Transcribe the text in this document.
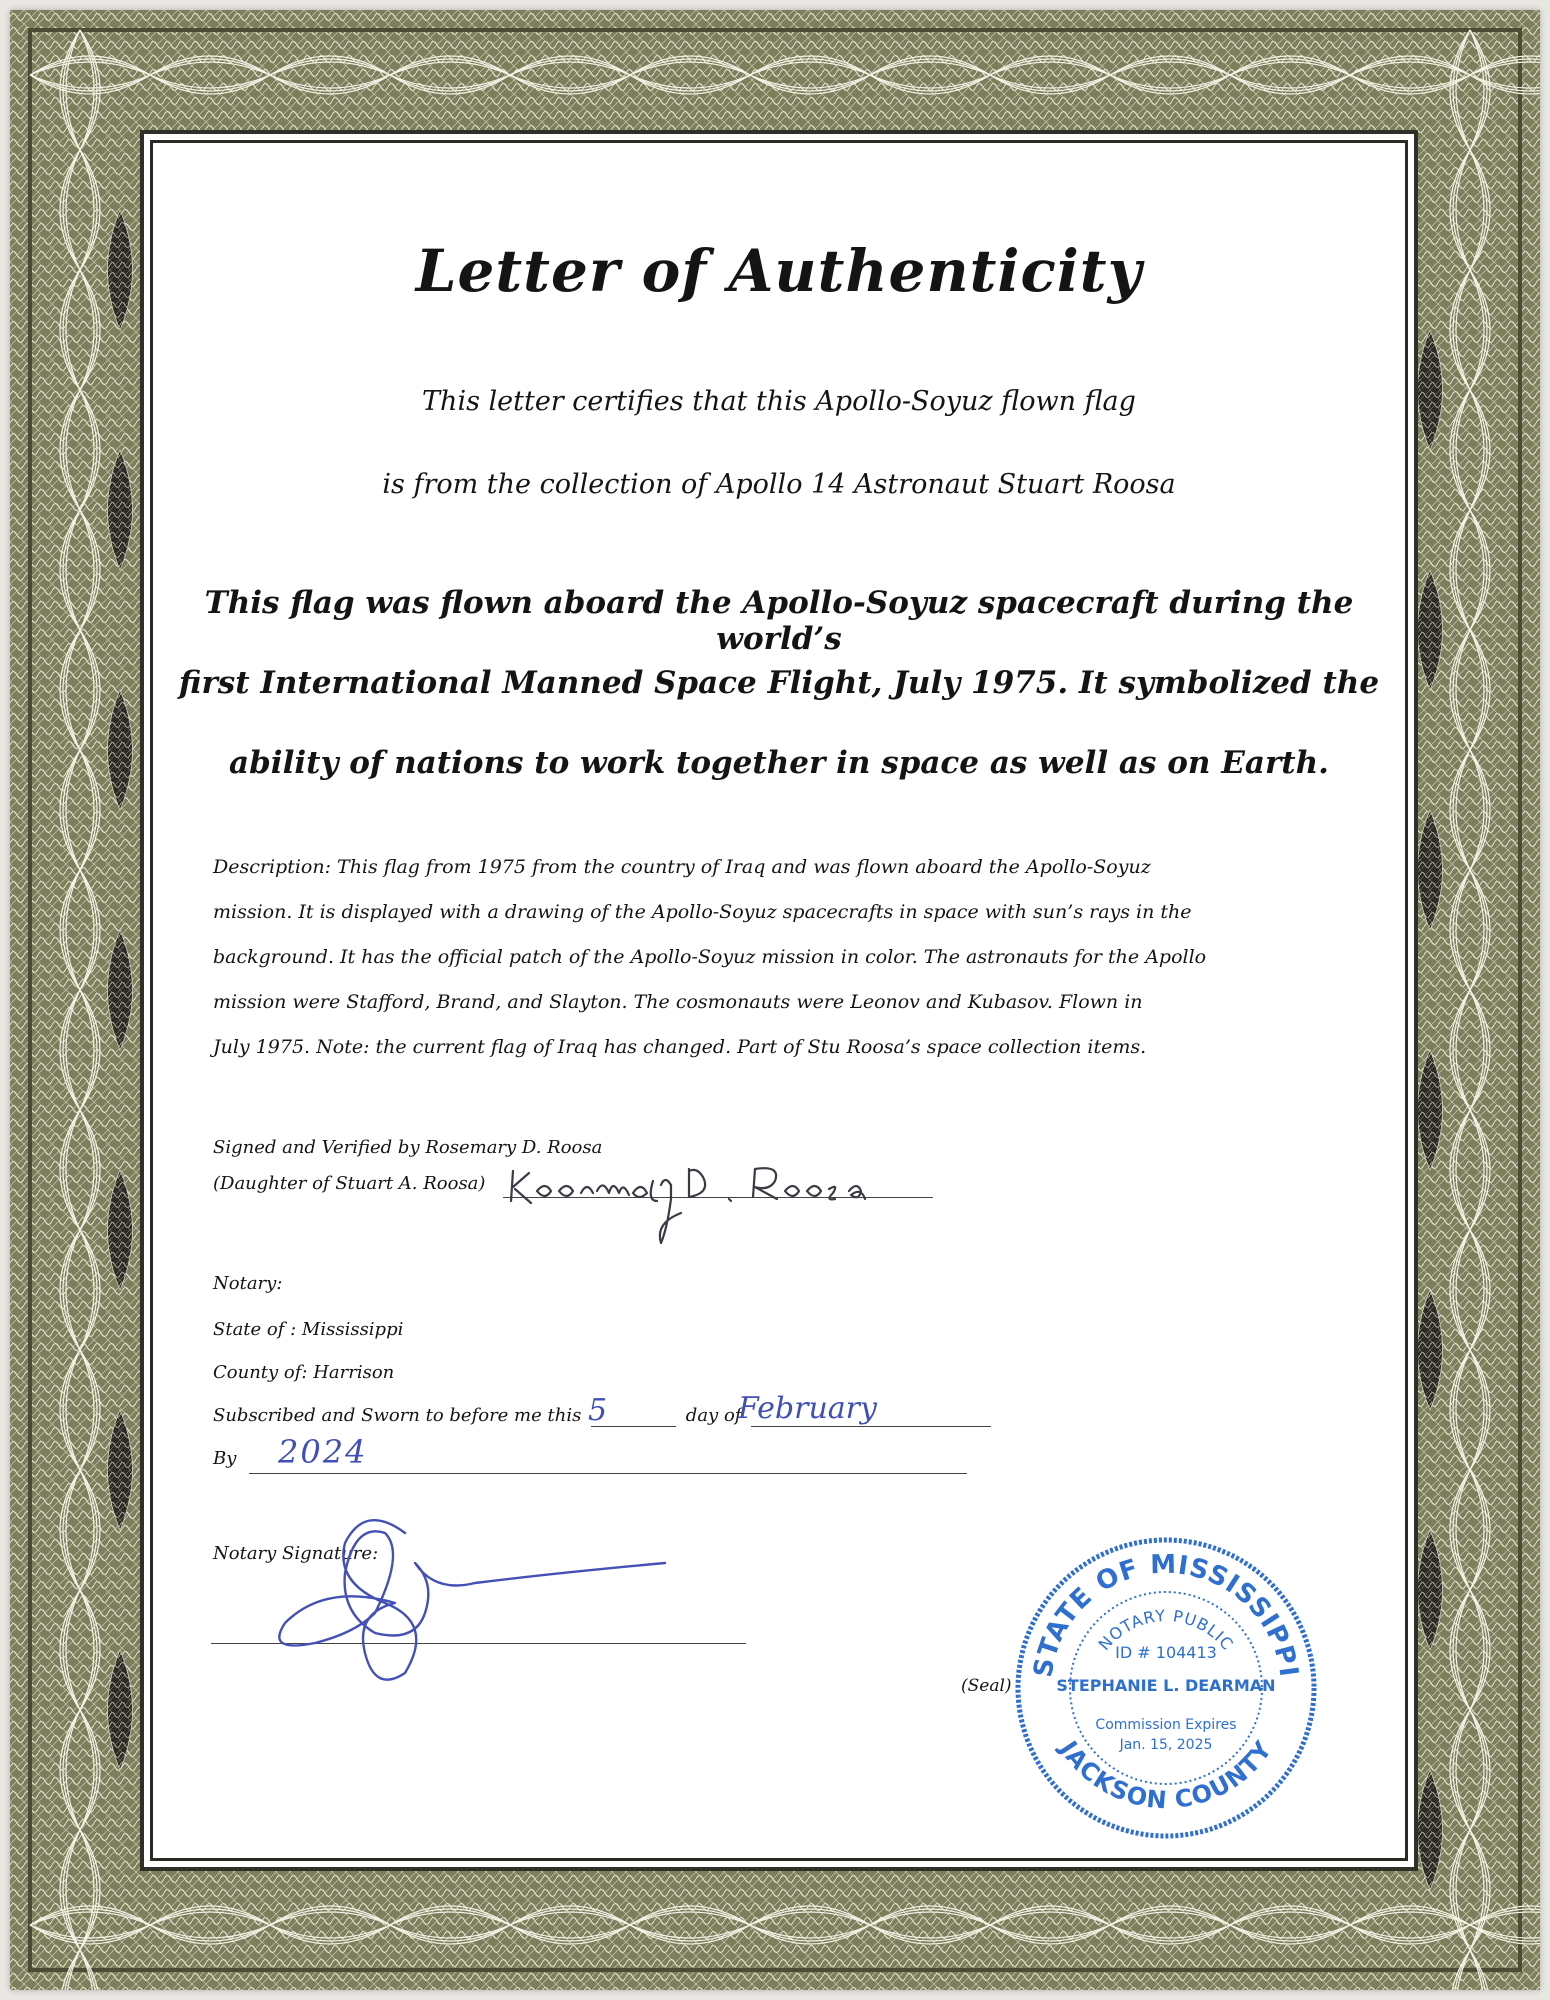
Letter of Authenticity
This letter certifies that this Apollo-Soyuz flown flag
is from the collection of Apollo 14 Astronaut Stuart Roosa
This flag was flown aboard the Apollo-Soyuz spacecraft during the world’s
first International Manned Space Flight, July 1975. It symbolized the
ability of nations to work together in space as well as on Earth.
Description: This flag from 1975 from the country of Iraq and was flown aboard the Apollo-Soyuz
mission. It is displayed with a drawing of the Apollo-Soyuz spacecrafts in space with sun’s rays in the
background. It has the official patch of the Apollo-Soyuz mission in color. The astronauts for the Apollo
mission were Stafford, Brand, and Slayton. The cosmonauts were Leonov and Kubasov. Flown in
July 1975. Note: the current flag of Iraq has changed. Part of Stu Roosa’s space collection items.
Signed and Verified by Rosemary D. Roosa
(Daughter of Stuart A. Roosa)
Notary:
State of : Mississippi
County of: Harrison
Subscribed and Sworn to before me this	day of
5	February
By 2024
Notary Signature:
(Seal)
STATE OF MISSISSIPPI
NOTARY PUBLIC
ID # 104413
STEPHANIE L. DEARMAN
Commission Expires
Jan. 15, 2025
JACKSON COUNTY
